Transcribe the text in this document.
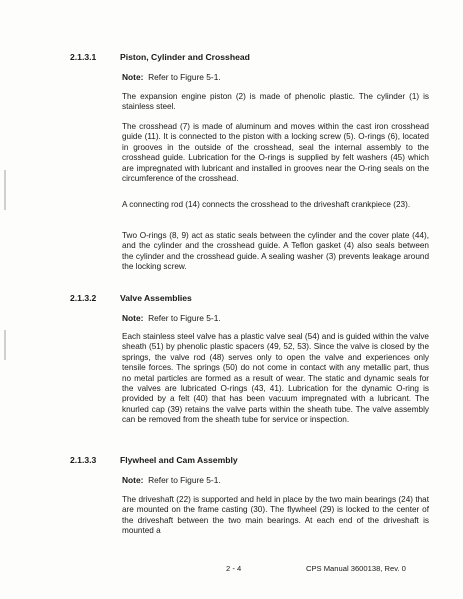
2.1.3.1	Piston, Cylinder and Crosshead
Note: Refer to Figure 5-1.

The expansion engine piston (2) is made of phenolic plastic. The cylinder (1) is stainless steel.

The crosshead (7) is made of aluminum and moves within the cast iron crosshead guide (11). It is connected to the piston with a locking screw (5). O-rings (6), located in grooves in the outside of the crosshead, seal the internal assembly to the crosshead guide. Lubrication for the O-rings is supplied by felt washers (45) which are impregnated with lubricant and installed in grooves near the O-ring seals on the circumference of the crosshead.

A connecting rod (14) connects the crosshead to the driveshaft crankpiece (23).

Two O-rings (8, 9) act as static seals between the cylinder and the cover plate (44), and the cylinder and the crosshead guide. A Teflon gasket (4) also seals between the cylinder and the crosshead guide. A sealing washer (3) prevents leakage around the locking screw.

2.1.3.2	Valve Assemblies
Note: Refer to Figure 5-1.

Each stainless steel valve has a plastic valve seal (54) and is guided within the valve sheath (51) by phenolic plastic spacers (49, 52, 53). Since the valve is closed by the springs, the valve rod (48) serves only to open the valve and experiences only tensile forces. The springs (50) do not come in contact with any metallic part, thus no metal particles are formed as a result of wear. The static and dynamic seals for the valves are lubricated O-rings (43, 41). Lubrication for the dynamic O-ring is provided by a felt (40) that has been vacuum impregnated with a lubricant. The knurled cap (39) retains the valve parts within the sheath tube. The valve assembly can be removed from the sheath tube for service or inspection.

2.1.3.3	Flywheel and Cam Assembly
Note: Refer to Figure 5-1.

The driveshaft (22) is supported and held in place by the two main bearings (24) that are mounted on the frame casting (30). The flywheel (29) is locked to the center of the driveshaft between the two main bearings. At each end of the driveshaft is mounted a

2 - 4	CPS Manual 3600138, Rev. 0
